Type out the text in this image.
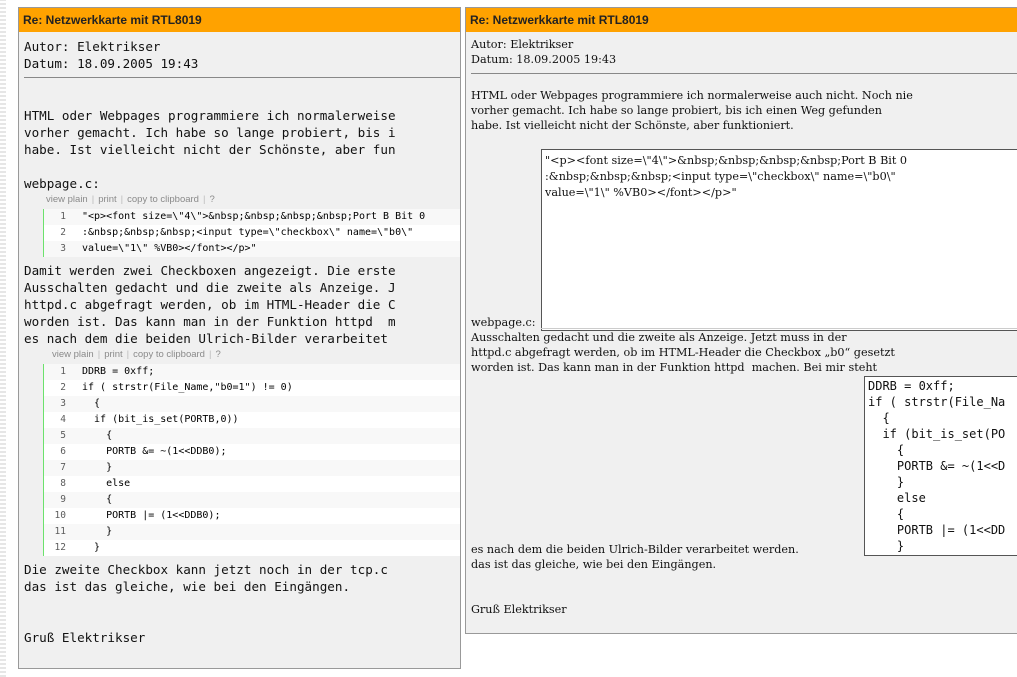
Re: Netzwerkkarte mit RTL8019
Autor: Elektrikser
Datum: 18.09.2005 19:43
HTML oder Webpages programmiere ich normalerweise
vorher gemacht. Ich habe so lange probiert, bis i
habe. Ist vielleicht nicht der Schönste, aber fun
webpage.c:
view plain | print | copy to clipboard | ?
1 "<p><font size=\"4\">&nbsp;&nbsp;&nbsp;&nbsp;Port B Bit 0
2 :&nbsp;&nbsp;&nbsp;<input type=\"checkbox\" name=\"b0\"
3 value=\"1\" %VB0></font></p>"
Damit werden zwei Checkboxen angezeigt. Die erste
Ausschalten gedacht und die zweite als Anzeige. J
httpd.c abgefragt werden, ob im HTML-Header die C
worden ist. Das kann man in der Funktion httpd  m
es nach dem die beiden Ulrich-Bilder verarbeitet
view plain | print | copy to clipboard | ?
1 DDRB = 0xff;
2 if ( strstr(File_Name,"b0=1") != 0)
3 {
4 if (bit_is_set(PORTB,0))
5 {
6 PORTB &= ~(1<<DDB0);
7 }
8 else
9 {
10 PORTB |= (1<<DDB0);
11 }
12 }
Die zweite Checkbox kann jetzt noch in der tcp.c
das ist das gleiche, wie bei den Eingängen.
Gruß Elektrikser
Re: Netzwerkkarte mit RTL8019
Autor: Elektrikser
Datum: 18.09.2005 19:43
HTML oder Webpages programmiere ich normalerweise auch nicht. Noch nie
vorher gemacht. Ich habe so lange probiert, bis ich einen Weg gefunden
habe. Ist vielleicht nicht der Schönste, aber funktioniert.
"<p><font size=\"4\">&nbsp;&nbsp;&nbsp;&nbsp;Port B Bit 0
:&nbsp;&nbsp;&nbsp;<input type=\"checkbox\" name=\"b0\"
value=\"1\" %VB0></font></p>"
webpage.c:
Ausschalten gedacht und die zweite als Anzeige. Jetzt muss in der
httpd.c abgefragt werden, ob im HTML-Header die Checkbox „b0“ gesetzt
worden ist. Das kann man in der Funktion httpd  machen. Bei mir steht
DDRB = 0xff;
if ( strstr(File_Na
{
if (bit_is_set(PO
{
PORTB &= ~(1<<D
}
else
{
PORTB |= (1<<DD
}
es nach dem die beiden Ulrich-Bilder verarbeitet werden.
das ist das gleiche, wie bei den Eingängen.
Gruß Elektrikser
